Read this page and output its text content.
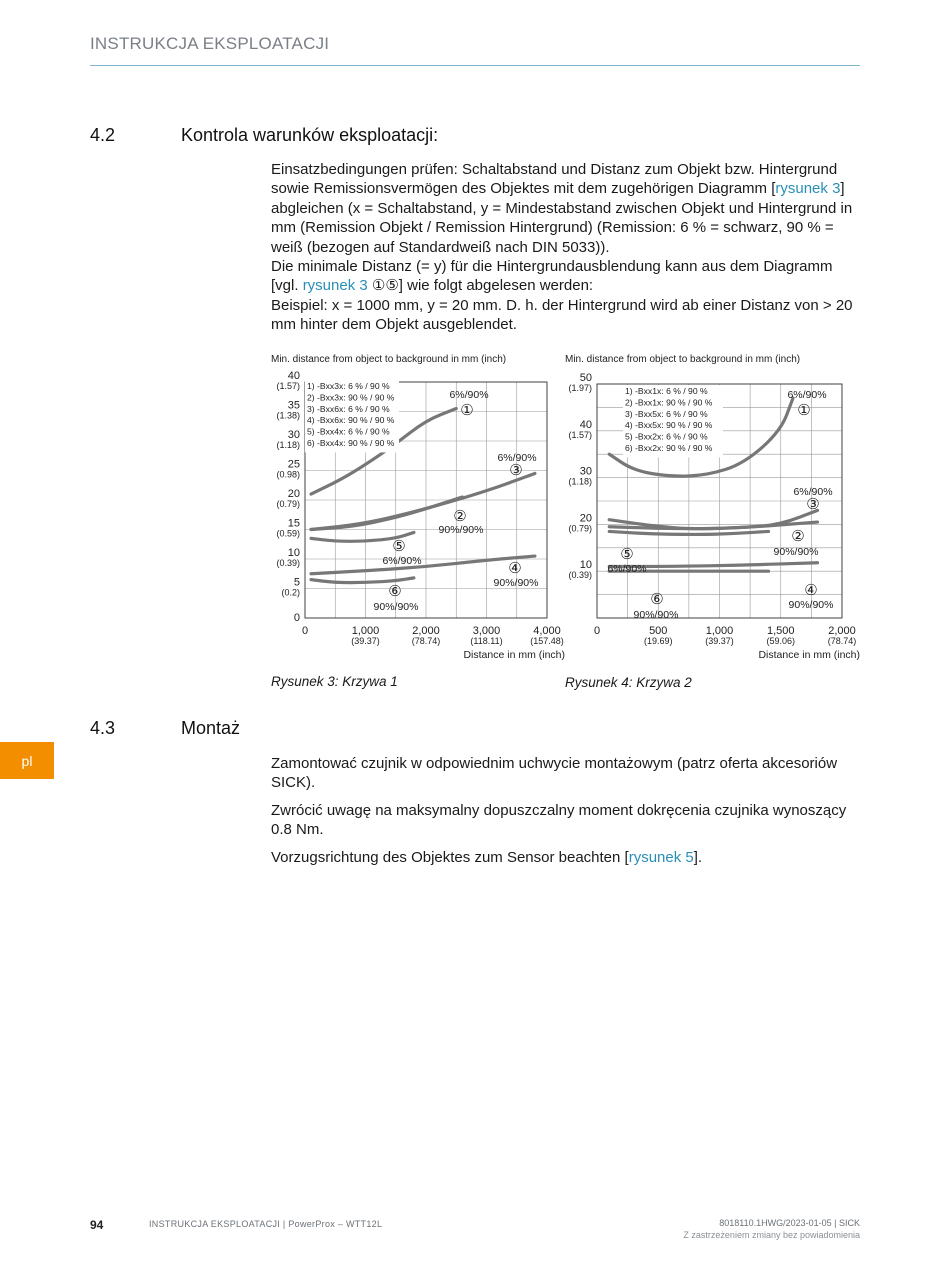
INSTRUKCJA EKSPLOATACJI
4.2	Kontrola warunków eksploatacji:

Einsatzbedingungen prüfen: Schaltabstand und Distanz zum Objekt bzw. Hintergrund sowie Remissionsvermögen des Objektes mit dem zugehörigen Diagramm [rysunek 3] abgleichen (x = Schaltabstand, y = Mindestabstand zwischen Objekt und Hintergrund in mm (Remission Objekt / Remission Hintergrund) (Remission: 6 % = schwarz, 90 % = weiß (bezogen auf Standardweiß nach DIN 5033)).

Die minimale Distanz (= y) für die Hintergrundausblendung kann aus dem Diagramm [vgl. rysunek 3 ①⑤] wie folgt abgelesen werden:

Beispiel: x = 1000 mm, y = 20 mm. D. h. der Hintergrund wird ab einer Distanz von > 20 mm hinter dem Objekt ausgeblendet.

Min. distance from object to background in mm (inch)
0
5
(0.2)
10
(0.39)
15
(0.59)
20
(0.79)
25
(0.98)
30
(1.18)
35
(1.38)
40
(1.57)
0	1,000
(39.37)
2,000
(78.74)
3,000
(118.11)
4,000
(157.48)
Distance in mm (inch)
①
6%/90%
②
90%/90%
③
6%/90%
④
90%/90%
⑤
6%/90%
⑥
90%/90%
1) -Bxx3x: 6 % / 90 %
2) -Bxx3x: 90 % / 90 %
3) -Bxx6x: 6 % / 90 %
4) -Bxx6x: 90 % / 90 %
5) -Bxx4x: 6 % / 90 %
6) -Bxx4x: 90 % / 90 %
Rysunek 3: Krzywa 1
Min. distance from object to background in mm (inch)
10
(0.39)
20
(0.79)
30
(1.18)
40
(1.57)
50
(1.97)
0	500
(19.69)
1,000
(39.37)
1,500
(59.06)
2,000
(78.74)
Distance in mm (inch)
①
6%/90%
②
90%/90%
③
6%/90%
④
90%/90%
⑤
6%/90%
⑥
90%/90%
1) -Bxx1x: 6 % / 90 %
2) -Bxx1x: 90 % / 90 %
3) -Bxx5x: 6 % / 90 %
4) -Bxx5x: 90 % / 90 %
5) -Bxx2x: 6 % / 90 %
6) -Bxx2x: 90 % / 90 %
Rysunek 4: Krzywa 2
4.3	Montaż
pl	Zamontować czujnik w odpowiednim uchwycie montażowym (patrz oferta akcesoriów SICK).

Zwrócić uwagę na maksymalny dopuszczalny moment dokręcenia czujnika wynoszący 0.8 Nm.

Vorzugsrichtung des Objektes zum Sensor beachten [rysunek 5].

94	INSTRUKCJA EKSPLOATACJI | PowerProx – WTT12L	8018110.1HWG/2023-01-05 | SICK
Z zastrzeżeniem zmiany bez powiadomienia
